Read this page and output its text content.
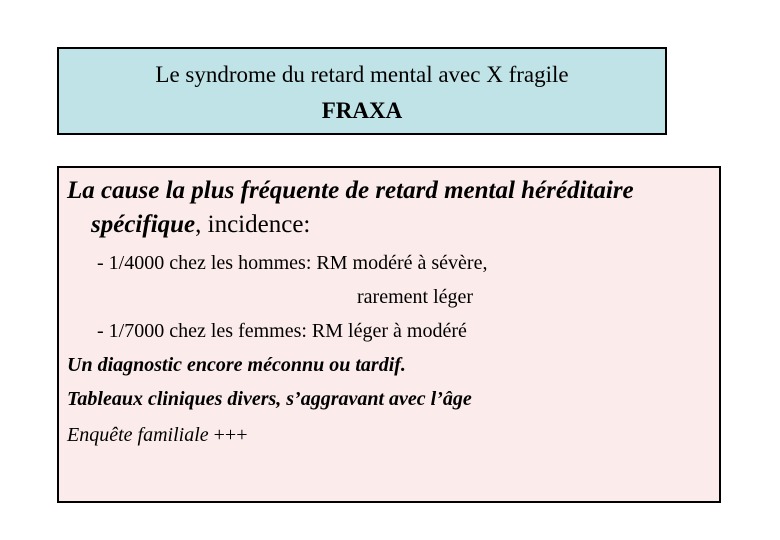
Le syndrome du retard mental avec X fragile
FRAXA
La cause la plus fréquente de retard mental héréditaire
spécifique, incidence:
- 1/4000 chez les hommes: RM modéré à sévère,
rarement léger
- 1/7000 chez les femmes: RM léger à modéré
Un diagnostic encore méconnu ou tardif.
Tableaux cliniques divers, s’aggravant avec l’âge
Enquête familiale +++
